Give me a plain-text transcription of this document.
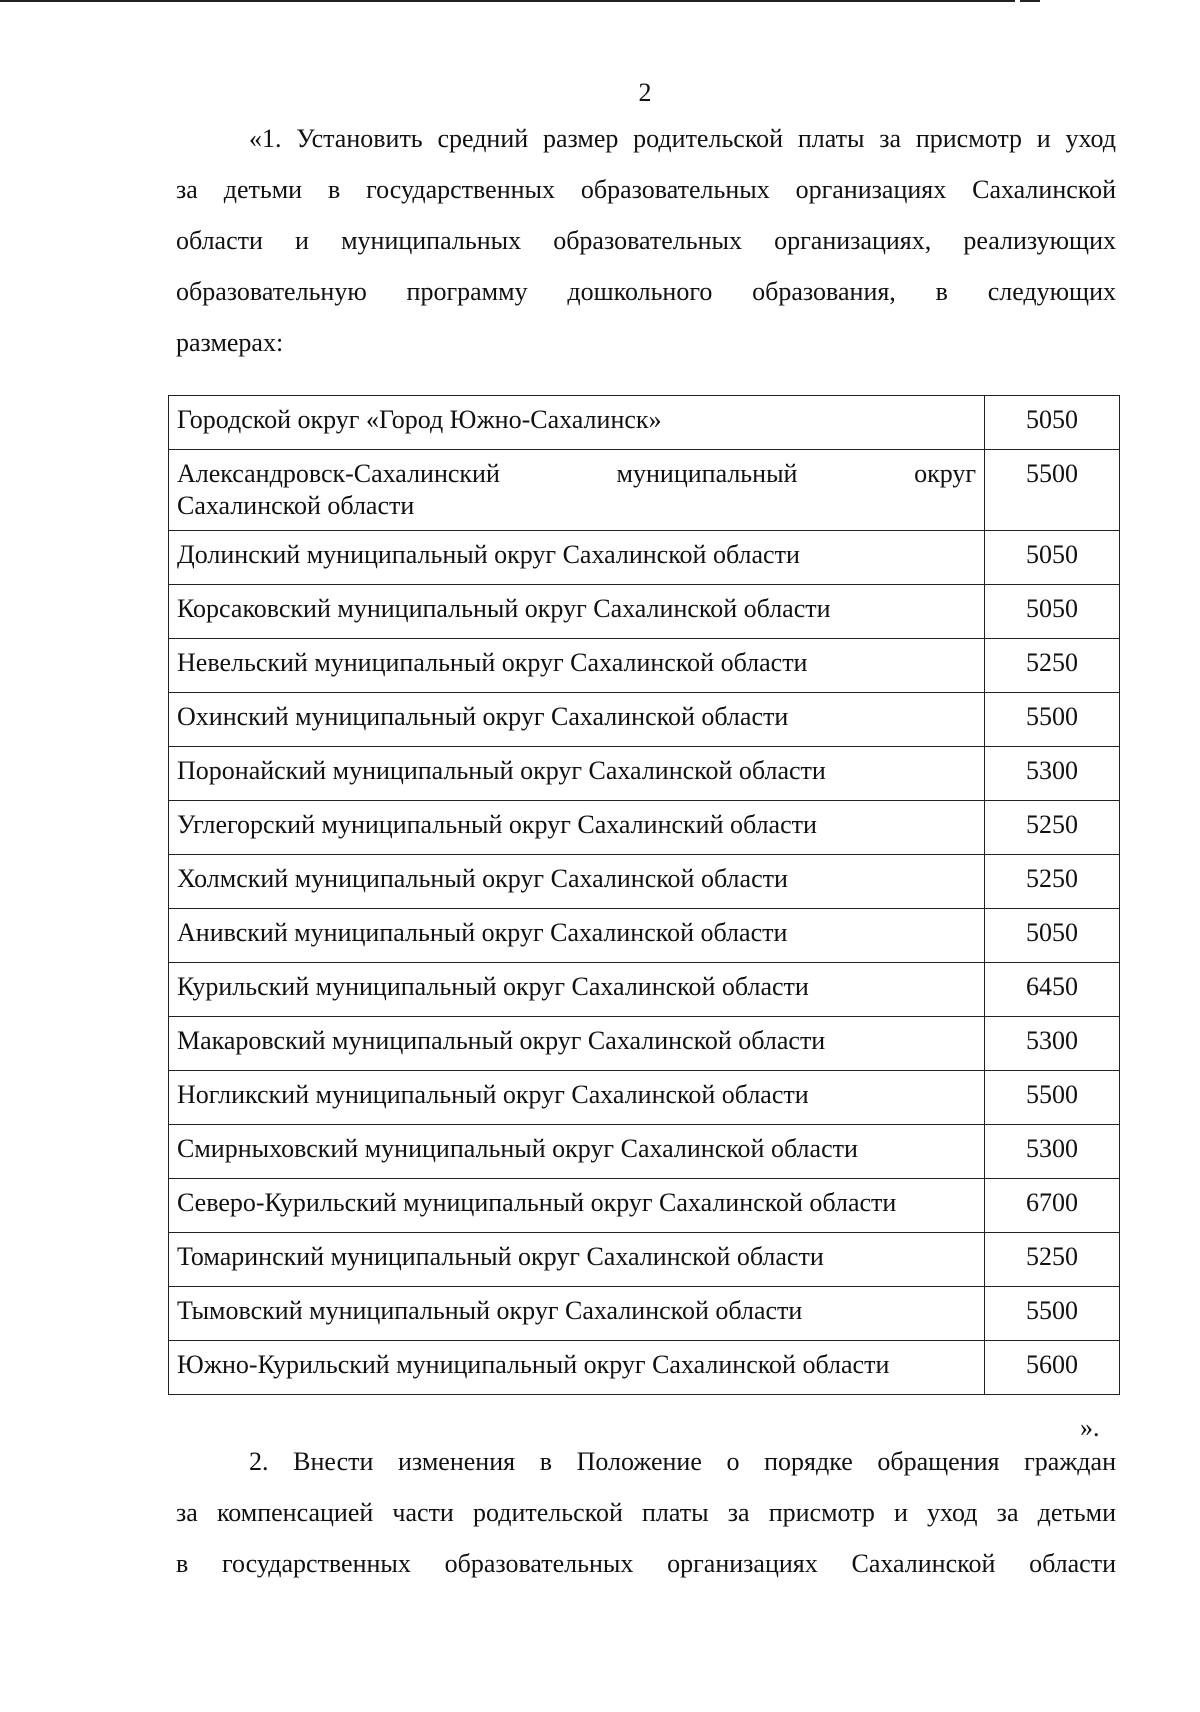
2
«1. Установить средний размер родительской платы за присмотр и уход
за детьми в государственных образовательных организациях Сахалинской
области и муниципальных образовательных организациях, реализующих
образовательную программу дошкольного образования, в следующих
размерах:
Городской округ «Город Южно-Сахалинск»	5050

Александровск-Сахалинский муниципальный округ
Сахалинской области	5500
Долинский муниципальный округ Сахалинской области	5050
Корсаковский муниципальный округ Сахалинской области	5050
Невельский муниципальный округ Сахалинской области	5250
Охинский муниципальный округ Сахалинской области	5500
Поронайский муниципальный округ Сахалинской области	5300
Углегорский муниципальный округ Сахалинский области	5250
Холмский муниципальный округ Сахалинской области	5250
Анивский муниципальный округ Сахалинской области	5050
Курильский муниципальный округ Сахалинской области	6450
Макаровский муниципальный округ Сахалинской области	5300
Ногликский муниципальный округ Сахалинской области	5500
Смирныховский муниципальный округ Сахалинской области	5300
Северо-Курильский муниципальный округ Сахалинской области	6700
Томаринский муниципальный округ Сахалинской области	5250
Тымовский муниципальный округ Сахалинской области	5500
Южно-Курильский муниципальный округ Сахалинской области	5600
».
2. Внести изменения в Положение о порядке обращения граждан
за компенсацией части родительской платы за присмотр и уход за детьми
в государственных образовательных организациях Сахалинской области
